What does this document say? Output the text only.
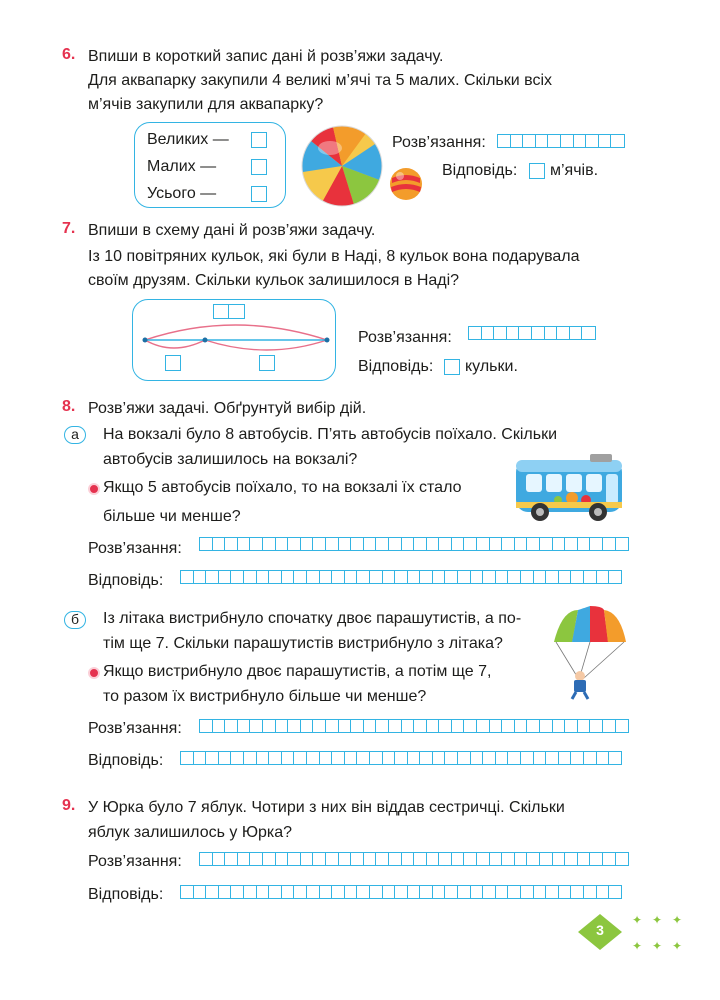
6. Впиши в короткий запис дані й розв’яжи задачу.
Для аквапарку закупили 4 великі м’ячі та 5 малих. Скільки всіх
м’ячів закупили для аквапарку?
Великих —
Малих —
Усього —
Розв’язання:
Відповідь: м’ячів.
7. Впиши в схему дані й розв’яжи задачу.
Із 10 повітряних кульок, які були в Наді, 8 кульок вона подарувала
своїм друзям. Скільки кульок залишилося в Наді?
Розв’язання:
Відповідь: кульки.
8. Розв’яжи задачі. Обґрунтуй вибір дій.
а	На вокзалі було 8 автобусів. П’ять автобусів поїхало. Скільки
автобусів залишилось на вокзалі?
Якщо 5 автобусів поїхало, то на вокзалі їх стало
більше чи менше?
Розв’язання:
Відповідь:
б	Із літака вистрибнуло спочатку двоє парашутистів, а по-
тім ще 7. Скільки парашутистів вистрибнуло з літака?
Якщо вистрибнуло двоє парашутистів, а потім ще 7,
то разом їх вистрибнуло більше чи менше?
Розв’язання:
Відповідь:
9. У Юрка було 7 яблук. Чотири з них він віддав сестричці. Скільки
яблук залишилось у Юрка?
Розв’язання:
Відповідь:
✦ ✦ ✦
✦ ✦ ✦
3
